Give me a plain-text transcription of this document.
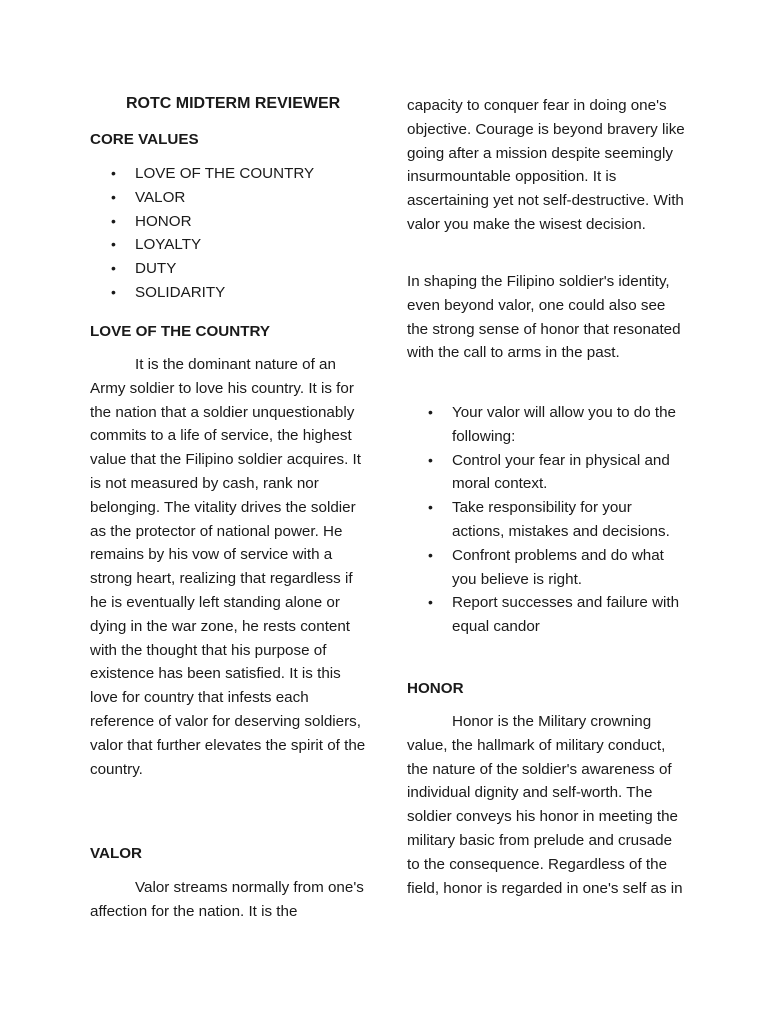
ROTC MIDTERM REVIEWER
CORE VALUES
• LOVE OF THE COUNTRY
• VALOR
• HONOR
• LOYALTY
• DUTY
• SOLIDARITY
LOVE OF THE COUNTRY

It is the dominant nature of an Army soldier to love his country. It is for the nation that a soldier unquestionably commits to a life of service, the highest value that the Filipino soldier acquires. It is not measured by cash, rank nor belonging. The vitality drives the soldier as the protector of national power. He remains by his vow of service with a strong heart, realizing that regardless if he is eventually left standing alone or dying in the war zone, he rests content with the thought that his purpose of existence has been satisfied. It is this love for country that infests each reference of valor for deserving soldiers, valor that further elevates the spirit of the country.

VALOR

Valor streams normally from one's affection for the nation. It is the

capacity to conquer fear in doing one's objective. Courage is beyond bravery like going after a mission despite seemingly insurmountable opposition. It is ascertaining yet not self-destructive. With valor you make the wisest decision.

In shaping the Filipino soldier's identity, even beyond valor, one could also see the strong sense of honor that resonated with the call to arms in the past.

• Your valor will allow you to do the following:
• Control your fear in physical and moral context.
• Take responsibility for your actions, mistakes and decisions.
• Confront problems and do what you believe is right.
• Report successes and failure with equal candor
HONOR

Honor is the Military crowning value, the hallmark of military conduct, the nature of the soldier's awareness of individual dignity and self-worth. The soldier conveys his honor in meeting the military basic from prelude and crusade to the consequence. Regardless of the field, honor is regarded in one's self as in
